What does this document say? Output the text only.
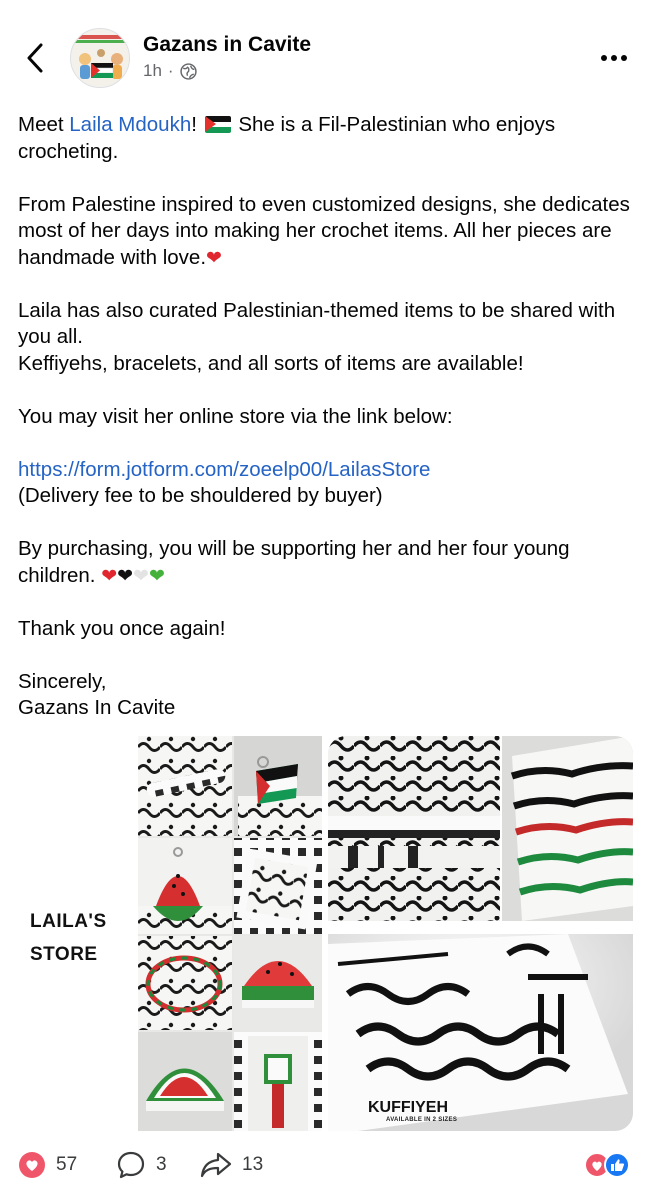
Gazans in Cavite
1h ·

Meet Laila Mdoukh!
She is a Fil-Palestinian who enjoys crocheting.

From Palestine inspired to even customized designs, she dedicates most of her days into making her crochet items. All her pieces are handmade with love.❤

Laila has also curated Palestinian-themed items to be shared with you all.
Keffiyehs, bracelets, and all sorts of items are available!

You may visit her online store via the link below:

https://form.jotform.com/zoeelp00/LailasStore
(Delivery fee to be shouldered by buyer)

By purchasing, you will be supporting her and her four young children. ❤❤❤❤

Thank you once again!

Sincerely,
Gazans In Cavite

LAILA'S
STORE
KUFFIYEH
AVAILABLE IN 2 SIZES
57	3	13
